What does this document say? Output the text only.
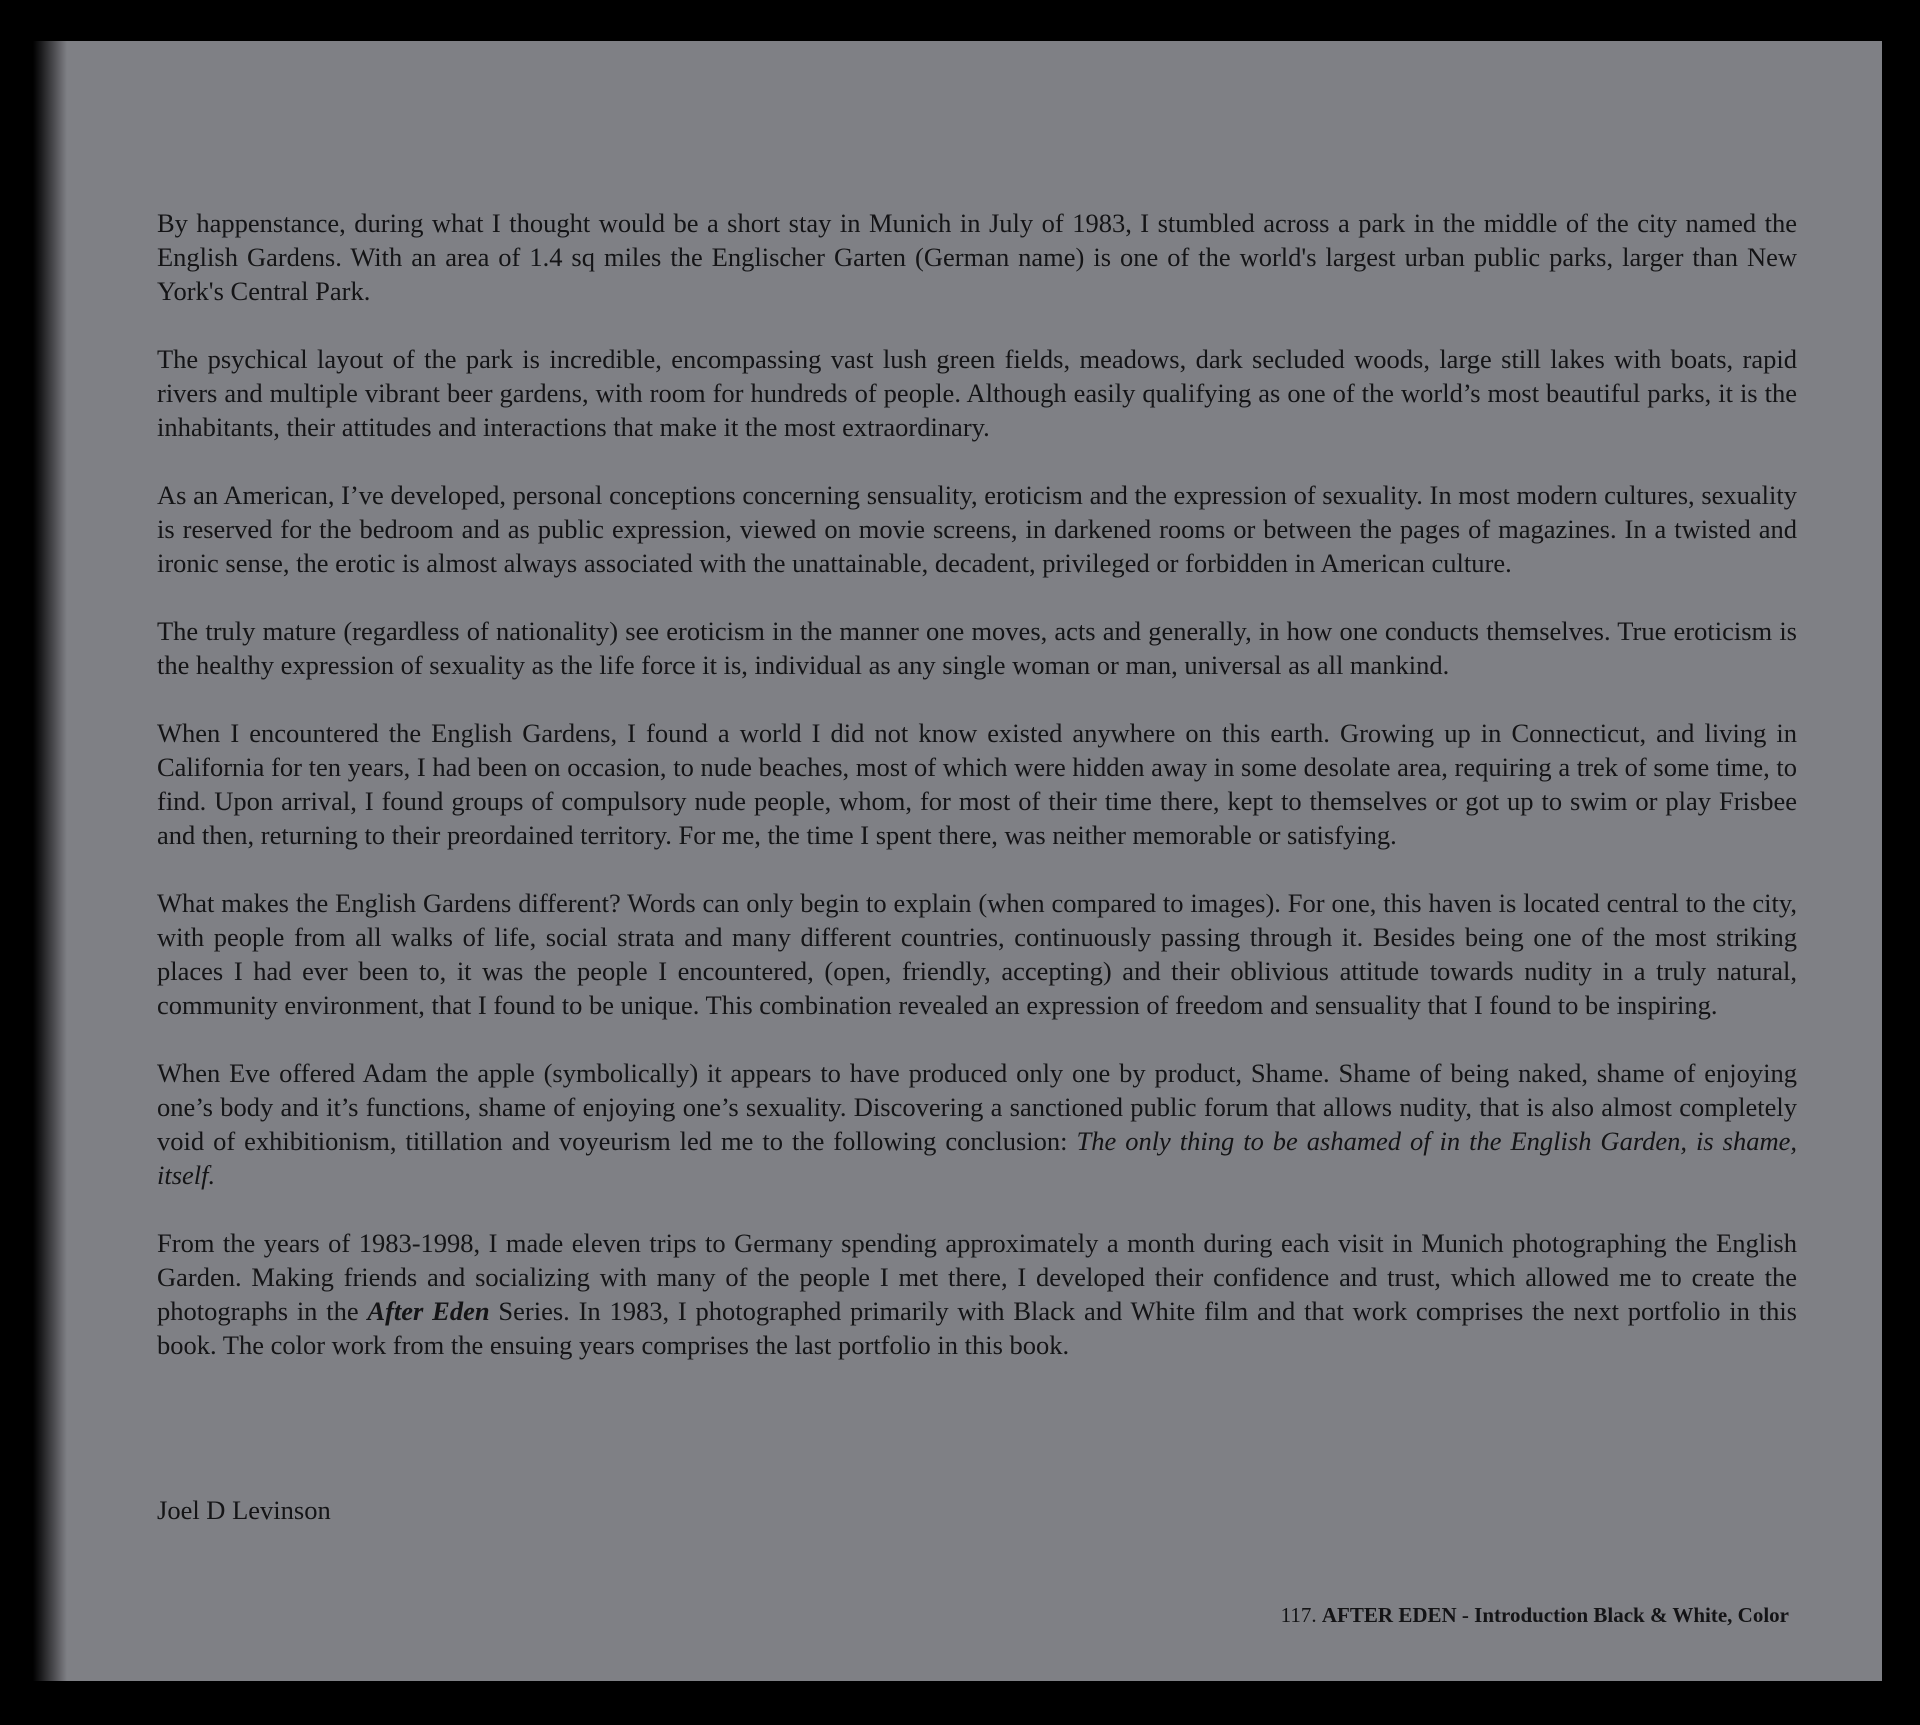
By happenstance, during what I thought would be a short stay in Munich in July of 1983, I stumbled across a park in the middle of the city named the English Gardens. With an area of 1.4 sq miles the Englischer Garten (German name) is one of the world's largest urban public parks, larger than New York's Central Park.

The psychical layout of the park is incredible, encompassing vast lush green fields, meadows, dark secluded woods, large still lakes with boats, rapid rivers and multiple vibrant beer gardens, with room for hundreds of people. Although easily qualifying as one of the world’s most beautiful parks, it is the inhabitants, their attitudes and interactions that make it the most extraordinary.

As an American, I’ve developed, personal conceptions concerning sensuality, eroticism and the expression of sexuality. In most modern cultures, sexuality is reserved for the bedroom and as public expression, viewed on movie screens, in darkened rooms or between the pages of magazines. In a twisted and ironic sense, the erotic is almost always associated with the unattainable, decadent, privileged or forbidden in American culture.

The truly mature (regardless of nationality) see eroticism in the manner one moves, acts and generally, in how one conducts themselves. True eroticism is the healthy expression of sexuality as the life force it is, individual as any single woman or man, universal as all mankind.

When I encountered the English Gardens, I found a world I did not know existed anywhere on this earth. Growing up in Connecticut, and living in California for ten years, I had been on occasion, to nude beaches, most of which were hidden away in some desolate area, requiring a trek of some time, to find. Upon arrival, I found groups of compulsory nude people, whom, for most of their time there, kept to themselves or got up to swim or play Frisbee and then, returning to their preordained territory. For me, the time I spent there, was neither memorable or satisfying.

What makes the English Gardens different? Words can only begin to explain (when compared to images). For one, this haven is located central to the city, with people from all walks of life, social strata and many different countries, continuously passing through it. Besides being one of the most striking places I had ever been to, it was the people I encountered, (open, friendly, accepting) and their oblivious attitude towards nudity in a truly natural, community environment, that I found to be unique. This combination revealed an expression of freedom and sensuality that I found to be inspiring.

When Eve offered Adam the apple (symbolically) it appears to have produced only one by product, Shame. Shame of being naked, shame of enjoying one’s body and it’s functions, shame of enjoying one’s sexuality. Discovering a sanctioned public forum that allows nudity, that is also almost completely void of exhibitionism, titillation and voyeurism led me to the following conclusion: The only thing to be ashamed of in the English Garden, is shame, itself.

From the years of 1983-1998, I made eleven trips to Germany spending approximately a month during each visit in Munich photographing the English Garden. Making friends and socializing with many of the people I met there, I developed their confidence and trust, which allowed me to create the photographs in the After Eden Series. In 1983, I photographed primarily with Black and White film and that work comprises the next portfolio in this book. The color work from the ensuing years comprises the last portfolio in this book.

Joel D Levinson
117. AFTER EDEN - Introduction Black & White, Color
